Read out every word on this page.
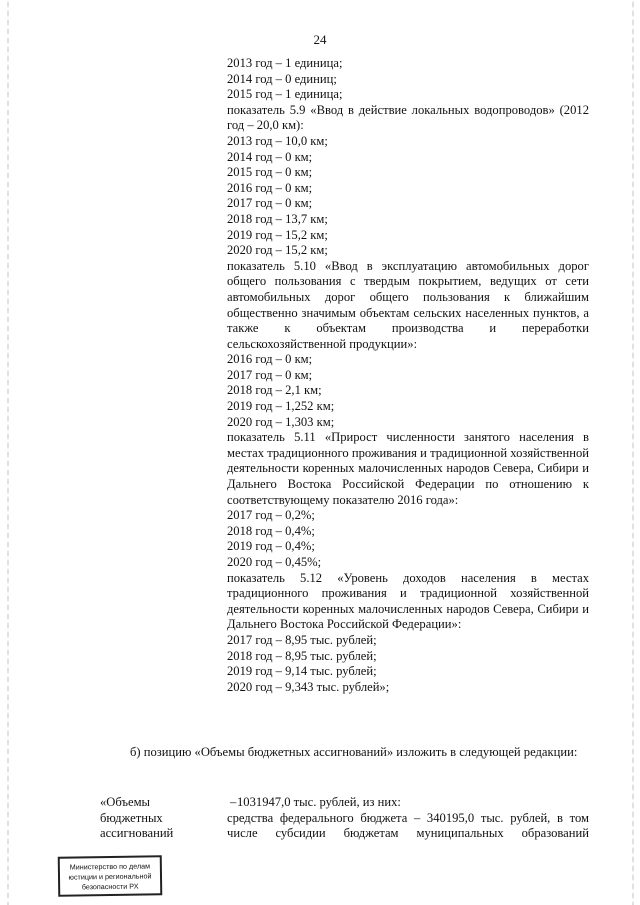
24
2013 год – 1 единица;
2014 год – 0 единиц;
2015 год – 1 единица;
показатель 5.9 «Ввод в действие локальных водопроводов» (2012 год – 20,0 км):
2013 год – 10,0 км;
2014 год – 0 км;
2015 год – 0 км;
2016 год – 0 км;
2017 год – 0 км;
2018 год – 13,7 км;
2019 год – 15,2 км;
2020 год – 15,2 км;
показатель 5.10 «Ввод в эксплуатацию автомобильных дорог общего пользования с твердым покрытием, ведущих от сети автомобильных дорог общего пользования к ближайшим общественно значимым объектам сельских населенных пунктов, а также к объектам производства и переработки сельскохозяйственной продукции»:
2016 год – 0 км;
2017 год – 0 км;
2018 год – 2,1 км;
2019 год – 1,252 км;
2020 год – 1,303 км;
показатель 5.11 «Прирост численности занятого населения в местах традиционного проживания и традиционной хозяйственной деятельности коренных малочисленных народов Севера, Сибири и Дальнего Востока Российской Федерации по отношению к соответствующему показателю 2016 года»:
2017 год – 0,2%;
2018 год – 0,4%;
2019 год – 0,4%;
2020 год – 0,45%;
показатель 5.12 «Уровень доходов населения в местах традиционного проживания и традиционной хозяйственной деятельности коренных малочисленных народов Севера, Сибири и Дальнего Востока Российской Федерации»:
2017 год – 8,95 тыс. рублей;
2018 год – 8,95 тыс. рублей;
2019 год – 9,14 тыс. рублей;
2020 год – 9,343 тыс. рублей»;
б) позицию «Объемы бюджетных ассигнований» изложить в следующей редакции:
«Объемы
бюджетных
ассигнований
– 1031947,0 тыс. рублей, из них:
средства федерального бюджета – 340195,0 тыс. рублей, в том
числе субсидии бюджетам муниципальных образований
Министерство по делам
юстиции и региональной
безопасности РХ
